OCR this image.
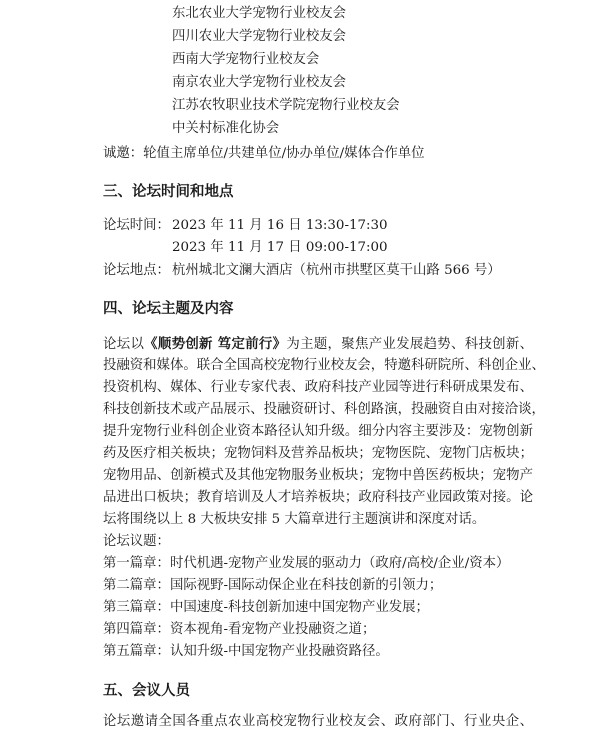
东北农业大学宠物行业校友会
四川农业大学宠物行业校友会
西南大学宠物行业校友会
南京农业大学宠物行业校友会
江苏农牧职业技术学院宠物行业校友会
中关村标准化协会
诚邀：轮值主席单位/共建单位/协办单位/媒体合作单位
三、论坛时间和地点
论坛时间： 2023 年 11 月 16 日 13:30-17:30
2023 年 11 月 17 日 09:00-17:00
论坛地点： 杭州城北文澜大酒店（杭州市拱墅区莫干山路 566 号）
四、论坛主题及内容
论坛以《顺势创新 笃定前行》为主题，聚焦产业发展趋势、科技创新、
投融资和媒体。联合全国高校宠物行业校友会，特邀科研院所、科创企业、
投资机构、媒体、行业专家代表、政府科技产业园等进行科研成果发布、
科技创新技术或产品展示、投融资研讨、科创路演，投融资自由对接洽谈，
提升宠物行业科创企业资本路径认知升级。细分内容主要涉及：宠物创新
药及医疗相关板块；宠物饲料及营养品板块；宠物医院、宠物门店板块；
宠物用品、创新模式及其他宠物服务业板块；宠物中兽医药板块；宠物产
品进出口板块；教育培训及人才培养板块；政府科技产业园政策对接。论
坛将围绕以上 8 大板块安排 5 大篇章进行主题演讲和深度对话。
论坛议题：
第一篇章：时代机遇-宠物产业发展的驱动力（政府/高校/企业/资本）
第二篇章：国际视野-国际动保企业在科技创新的引领力；
第三篇章：中国速度-科技创新加速中国宠物产业发展；
第四篇章：资本视角-看宠物产业投融资之道；
第五篇章：认知升级-中国宠物产业投融资路径。
五、会议人员
论坛邀请全国各重点农业高校宠物行业校友会、政府部门、行业央企、
